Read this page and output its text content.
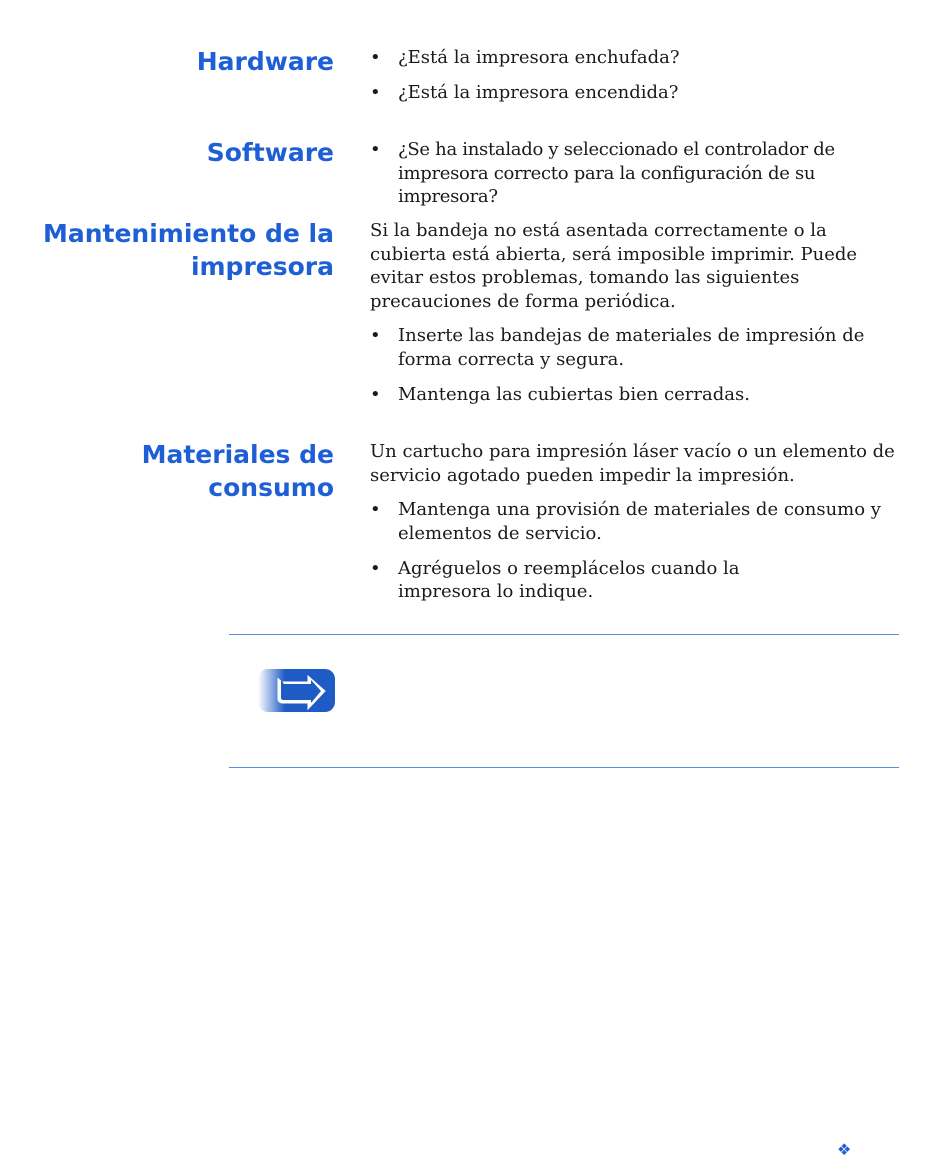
Hardware • ¿Está la impresora enchufada?
• ¿Está la impresora encendida?
Software • ¿Se ha instalado y seleccionado el controlador de impresora correcto para la configuración de su impresora?
Mantenimiento de la impresora

Si la bandeja no está asentada correctamente o la cubierta está abierta, será imposible imprimir. Puede evitar estos problemas, tomando las siguientes precauciones de forma periódica.

• Inserte las bandejas de materiales de impresión de forma correcta y segura.
• Mantenga las cubiertas bien cerradas.
Materiales de consumo

Un cartucho para impresión láser vacío o un elemento de servicio agotado pueden impedir la impresión.

• Mantenga una provisión de materiales de consumo y elementos de servicio.
• Agréguelos o reemplácelos cuando la impresora lo indique.
❖
